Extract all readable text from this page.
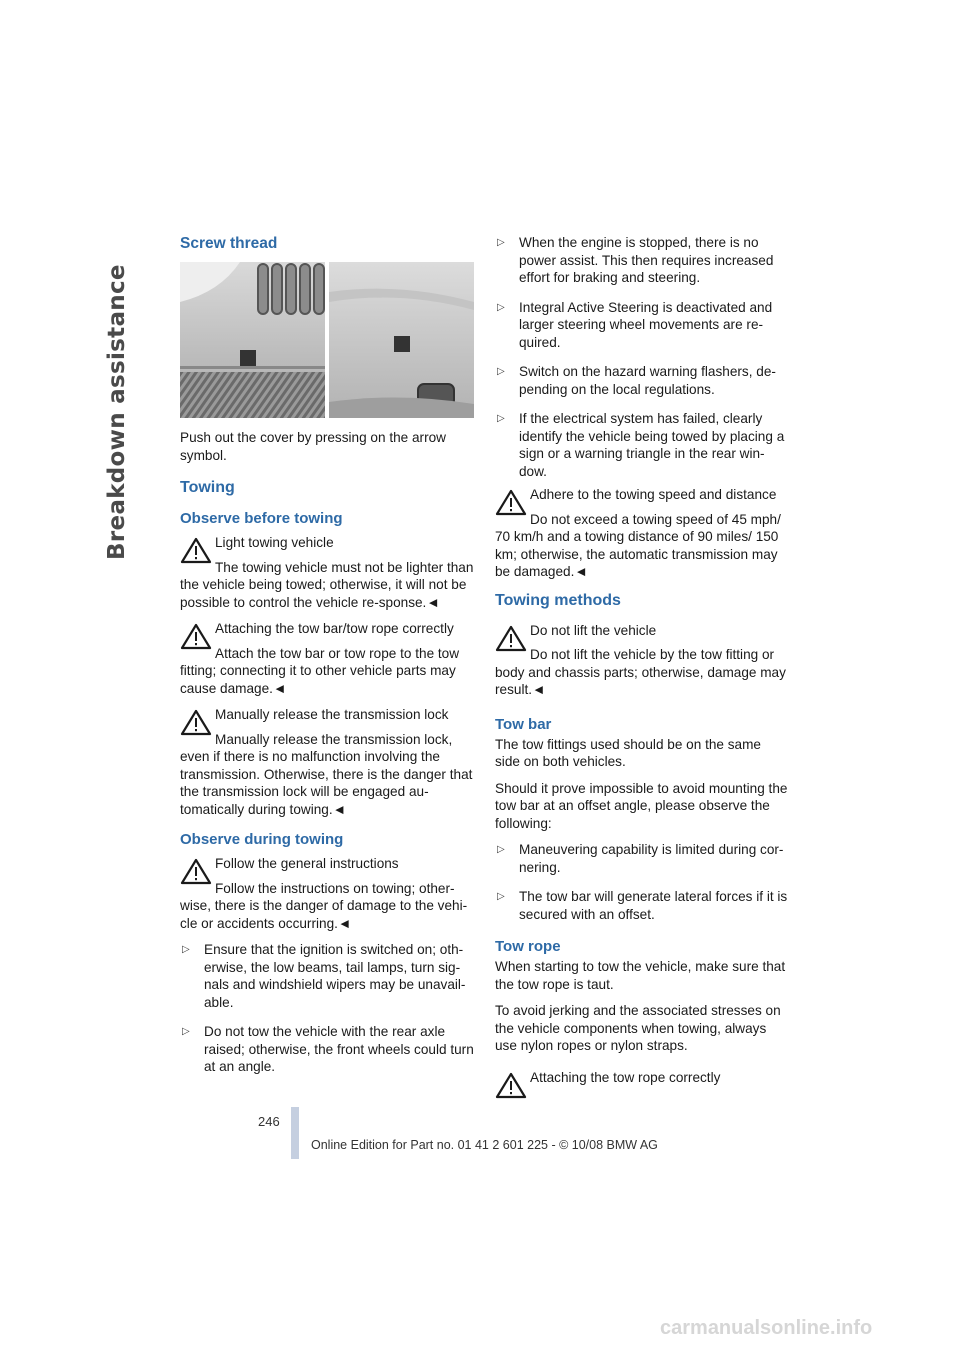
Breakdown assistance
Screw thread

Push out the cover by pressing on the arrow symbol.

Towing
Observe before towing
Light towing vehicle
The towing vehicle must not be lighter than the vehicle being towed; otherwise, it will not be possible to control the vehicle re-sponse.◄
Attaching the tow bar/tow rope correctly
Attach the tow bar or tow rope to the tow fitting; connecting it to other vehicle parts may cause damage.◄
Manually release the transmission lock
Manually release the transmission lock, even if there is no malfunction involving the transmission. Otherwise, there is the danger that the transmission lock will be engaged au-tomatically during towing.◄
Observe during towing
Follow the general instructions
Follow the instructions on towing; other-wise, there is the danger of damage to the vehi-cle or accidents occurring.◄
▷ Ensure that the ignition is switched on; oth-erwise, the low beams, tail lamps, turn sig-nals and windshield wipers may be unavail-able.
▷ Do not tow the vehicle with the rear axle raised; otherwise, the front wheels could turn at an angle.
▷ When the engine is stopped, there is no power assist. This then requires increased effort for braking and steering.
▷ Integral Active Steering is deactivated and larger steering wheel movements are re-quired.
▷ Switch on the hazard warning flashers, de-pending on the local regulations.
▷ If the electrical system has failed, clearly identify the vehicle being towed by placing a sign or a warning triangle in the rear win-dow.
Adhere to the towing speed and distance
Do not exceed a towing speed of 45 mph/ 70 km/h and a towing distance of 90 miles/ 150 km; otherwise, the automatic transmission may be damaged.◄
Towing methods
Do not lift the vehicle
Do not lift the vehicle by the tow fitting or body and chassis parts; otherwise, damage may result.◄
Tow bar

The tow fittings used should be on the same side on both vehicles.

Should it prove impossible to avoid mounting the tow bar at an offset angle, please observe the following:

▷ Maneuvering capability is limited during cor-nering.
▷ The tow bar will generate lateral forces if it is secured with an offset.
Tow rope

When starting to tow the vehicle, make sure that the tow rope is taut.

To avoid jerking and the associated stresses on the vehicle components when towing, always use nylon ropes or nylon straps.

Attaching the tow rope correctly
246
Online Edition for Part no. 01 41 2 601 225 - © 10/08 BMW AG
carmanualsonline.info
